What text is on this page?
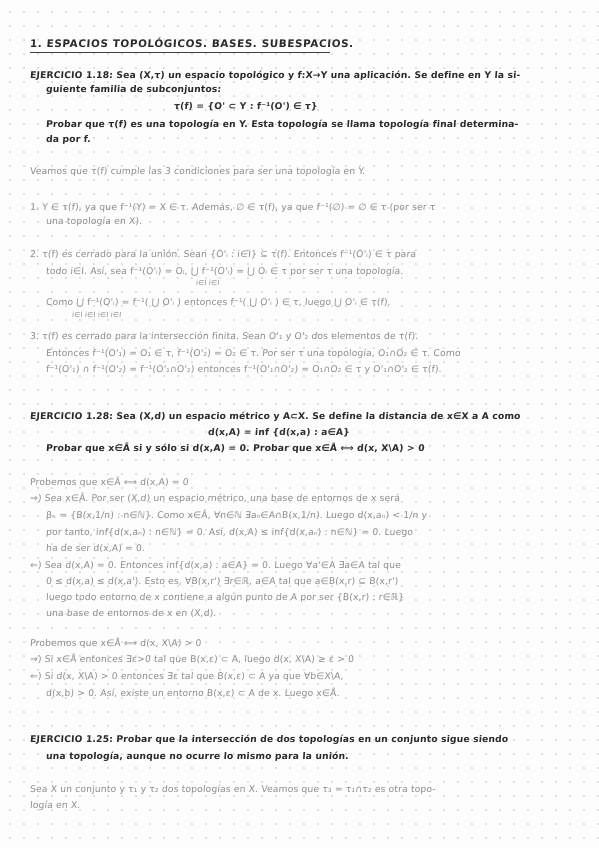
1. ESPACIOS TOPOLÓGICOS. BASES. SUBESPACIOS.
EJERCICIO 1.18: Sea (X,τ) un espacio topológico y f:X→Y una aplicación. Se define en Y la si-
guiente familia de subconjuntos:
τ(f) = {O' ⊂ Y : f⁻¹(O') ∈ τ}
Probar que τ(f) es una topología en Y. Esta topología se llama topología final determina-
da por f.
Veamos que τ(f) cumple las 3 condiciones para ser una topología en Y.
1. Y ∈ τ(f), ya que f⁻¹(Y) = X ∈ τ. Además, ∅ ∈ τ(f), ya que f⁻¹(∅) = ∅ ∈ τ (por ser τ
una topología en X).
2. τ(f) es cerrado para la unión. Sean {O'ᵢ : i∈I} ⊆ τ(f). Entonces f⁻¹(O'ᵢ) ∈ τ para
todo i∈I. Así, sea f⁻¹(O'ᵢ) = Oᵢ, ⋃ f⁻¹(O'ᵢ) = ⋃ Oᵢ ∈ τ por ser τ una topología.
i∈I i∈I
Como ⋃ f⁻¹(O'ᵢ) = f⁻¹( ⋃ O'ᵢ ) entonces f⁻¹( ⋃ O'ᵢ ) ∈ τ, luego ⋃ O'ᵢ ∈ τ(f).
i∈I i∈I i∈I i∈I
3. τ(f) es cerrado para la intersección finita. Sean O'₁ y O'₂ dos elementos de τ(f).
Entonces f⁻¹(O'₁) = O₁ ∈ τ, f⁻¹(O'₂) = O₂ ∈ τ. Por ser τ una topología, O₁∩O₂ ∈ τ. Como
f⁻¹(O'₁) ∩ f⁻¹(O'₂) = f⁻¹(O'₁∩O'₂) entonces f⁻¹(O'₁∩O'₂) = O₁∩O₂ ∈ τ y O'₁∩O'₂ ∈ τ(f).
EJERCICIO 1.28: Sea (X,d) un espacio métrico y A⊂X. Se define la distancia de x∈X a A como
d(x,A) = inf {d(x,a) : a∈A}
Probar que x∈Ā si y sólo si d(x,A) = 0. Probar que x∈Å ⟺ d(x, X\A) > 0
Probemos que x∈Ā ⟺ d(x,A) = 0
⇒) Sea x∈Ā. Por ser (X,d) un espacio métrico, una base de entornos de x será
βₓ = {B(x,1/n) : n∈ℕ}. Como x∈Ā, ∀n∈ℕ ∃aₙ∈A∩B(x,1/n). Luego d(x,aₙ) < 1/n y
por tanto, inf{d(x,aₙ) : n∈ℕ} = 0. Así, d(x,A) ≤ inf{d(x,aₙ) : n∈ℕ} = 0. Luego
ha de ser d(x,A) = 0.
⇐) Sea d(x,A) = 0. Entonces inf{d(x,a) : a∈A} = 0. Luego ∀a'∈A ∃a∈A tal que
0 ≤ d(x,a) ≤ d(x,a'). Esto es, ∀B(x,r') ∃r∈ℝ, a∈A tal que a∈B(x,r) ⊆ B(x,r')
luego todo entorno de x contiene a algún punto de A por ser {B(x,r) : r∈ℝ}
una base de entornos de x en (X,d).
Probemos que x∈Å ⟺ d(x, X\A) > 0
⇒) Si x∈Å entonces ∃ε>0 tal que B(x,ε) ⊂ A, luego d(x, X\A) ≥ ε > 0
⇐) Si d(x, X\A) > 0 entonces ∃ε tal que B(x,ε) ⊂ A ya que ∀b∈X\A,
d(x,b) > 0. Así, existe un entorno B(x,ε) ⊂ A de x. Luego x∈Å.
EJERCICIO 1.25: Probar que la intersección de dos topologías en un conjunto sigue siendo
una topología, aunque no ocurre lo mismo para la unión.
Sea X un conjunto y τ₁ y τ₂ dos topologías en X. Veamos que τ₃ = τ₁∩τ₂ es otra topo-
logía en X.
